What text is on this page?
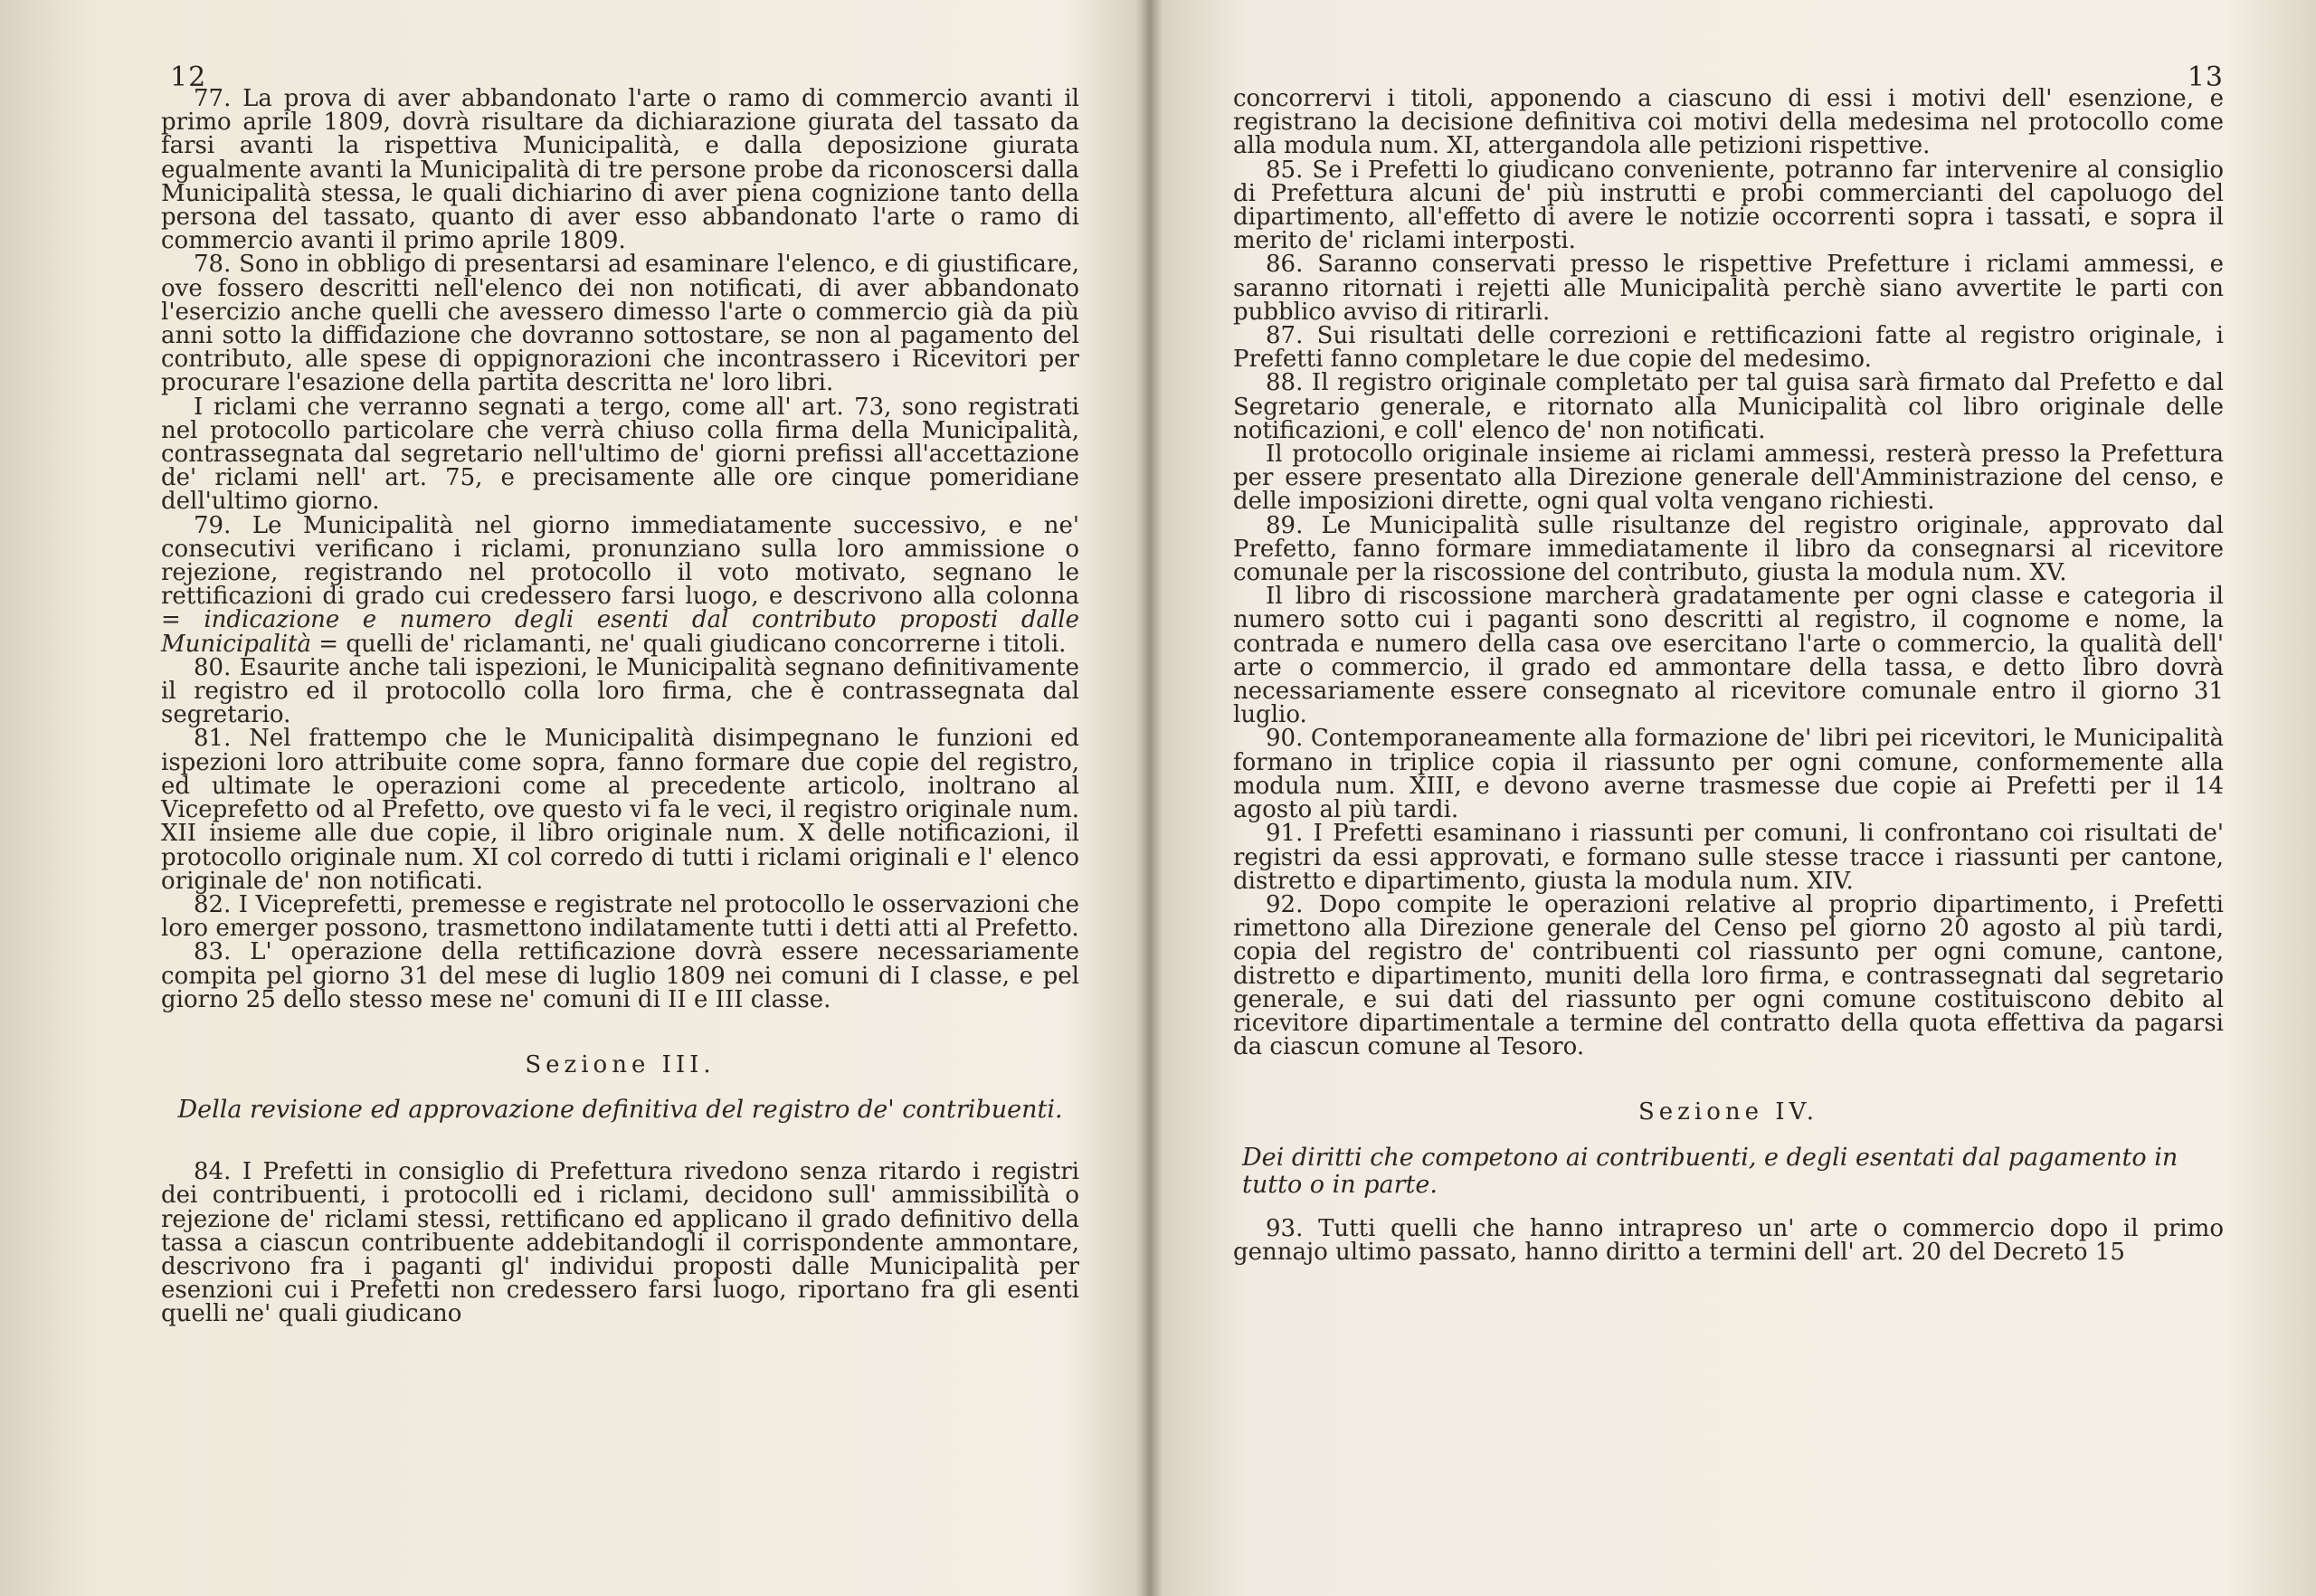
12

77. La prova di aver abbandonato l'arte o ramo di commercio avanti il primo aprile 1809, dovrà risultare da dichiarazione giurata del tassato da farsi avanti la rispettiva Municipalità, e dalla deposizione giurata egualmente avanti la Municipalità di tre persone probe da riconoscersi dalla Municipalità stessa, le quali dichiarino di aver piena cognizione tanto della persona del tassato, quanto di aver esso abbandonato l'arte o ramo di commercio avanti il primo aprile 1809.

78. Sono in obbligo di presentarsi ad esaminare l'elenco, e di giustificare, ove fossero descritti nell'elenco dei non notificati, di aver abbandonato l'esercizio anche quelli che avessero dimesso l'arte o commercio già da più anni sotto la diffidazione che dovranno sottostare, se non al pagamento del contributo, alle spese di oppignorazioni che incontrassero i Ricevitori per procurare l'esazione della partita descritta ne' loro libri.

I riclami che verranno segnati a tergo, come all' art. 73, sono registrati nel protocollo particolare che verrà chiuso colla firma della Municipalità, contrassegnata dal segretario nell'ultimo de' giorni prefissi all'accettazione de' riclami nell' art. 75, e precisamente alle ore cinque pomeridiane dell'ultimo giorno.

79. Le Municipalità nel giorno immediatamente successivo, e ne' consecutivi verificano i riclami, pronunziano sulla loro ammissione o rejezione, registrando nel protocollo il voto motivato, segnano le rettificazioni di grado cui credessero farsi luogo, e descrivono alla colonna = indicazione e numero degli esenti dal contributo proposti dalle Municipalità = quelli de' riclamanti, ne' quali giudicano concorrerne i titoli.

80. Esaurite anche tali ispezioni, le Municipalità segnano definitivamente il registro ed il protocollo colla loro firma, che è contrassegnata dal segretario.

81. Nel frattempo che le Municipalità disimpegnano le funzioni ed ispezioni loro attribuite come sopra, fanno formare due copie del registro, ed ultimate le operazioni come al precedente articolo, inoltrano al Viceprefetto od al Prefetto, ove questo vi fa le veci, il registro originale num. XII insieme alle due copie, il libro originale num. X delle notificazioni, il protocollo originale num. XI col corredo di tutti i riclami originali e l' elenco originale de' non notificati.

82. I Viceprefetti, premesse e registrate nel protocollo le osservazioni che loro emerger possono, trasmettono indilatamente tutti i detti atti al Prefetto.

83. L' operazione della rettificazione dovrà essere necessariamente compita pel giorno 31 del mese di luglio 1809 nei comuni di I classe, e pel giorno 25 dello stesso mese ne' comuni di II e III classe.

Sezione III.
Della revisione ed approvazione definitiva del registro de' contribuenti.

84. I Prefetti in consiglio di Prefettura rivedono senza ritardo i registri dei contribuenti, i protocolli ed i riclami, decidono sull' ammissibilità o rejezione de' riclami stessi, rettificano ed applicano il grado definitivo della tassa a ciascun contribuente addebitandogli il corrispondente ammontare, descrivono fra i paganti gl' individui proposti dalle Municipalità per esenzioni cui i Prefetti non credessero farsi luogo, riportano fra gli esenti quelli ne' quali giudicano

13

concorrervi i titoli, apponendo a ciascuno di essi i motivi dell' esenzione, e registrano la decisione definitiva coi motivi della medesima nel protocollo come alla modula num. XI, attergandola alle petizioni rispettive.

85. Se i Prefetti lo giudicano conveniente, potranno far intervenire al consiglio di Prefettura alcuni de' più instrutti e probi commercianti del capoluogo del dipartimento, all'effetto di avere le notizie occorrenti sopra i tassati, e sopra il merito de' riclami interposti.

86. Saranno conservati presso le rispettive Prefetture i riclami ammessi, e saranno ritornati i rejetti alle Municipalità perchè siano avvertite le parti con pubblico avviso di ritirarli.

87. Sui risultati delle correzioni e rettificazioni fatte al registro originale, i Prefetti fanno completare le due copie del medesimo.

88. Il registro originale completato per tal guisa sarà firmato dal Prefetto e dal Segretario generale, e ritornato alla Municipalità col libro originale delle notificazioni, e coll' elenco de' non notificati.

Il protocollo originale insieme ai riclami ammessi, resterà presso la Prefettura per essere presentato alla Direzione generale dell'Amministrazione del censo, e delle imposizioni dirette, ogni qual volta vengano richiesti.

89. Le Municipalità sulle risultanze del registro originale, approvato dal Prefetto, fanno formare immediatamente il libro da consegnarsi al ricevitore comunale per la riscossione del contributo, giusta la modula num. XV.

Il libro di riscossione marcherà gradatamente per ogni classe e categoria il numero sotto cui i paganti sono descritti al registro, il cognome e nome, la contrada e numero della casa ove esercitano l'arte o commercio, la qualità dell' arte o commercio, il grado ed ammontare della tassa, e detto libro dovrà necessariamente essere consegnato al ricevitore comunale entro il giorno 31 luglio.

90. Contemporaneamente alla formazione de' libri pei ricevitori, le Municipalità formano in triplice copia il riassunto per ogni comune, conformemente alla modula num. XIII, e devono averne trasmesse due copie ai Prefetti per il 14 agosto al più tardi.

91. I Prefetti esaminano i riassunti per comuni, li confrontano coi risultati de' registri da essi approvati, e formano sulle stesse tracce i riassunti per cantone, distretto e dipartimento, giusta la modula num. XIV.

92. Dopo compite le operazioni relative al proprio dipartimento, i Prefetti rimettono alla Direzione generale del Censo pel giorno 20 agosto al più tardi, copia del registro de' contribuenti col riassunto per ogni comune, cantone, distretto e dipartimento, muniti della loro firma, e contrassegnati dal segretario generale, e sui dati del riassunto per ogni comune costituiscono debito al ricevitore dipartimentale a termine del contratto della quota effettiva da pagarsi da ciascun comune al Tesoro.

Sezione IV.
Dei diritti che competono ai contribuenti, e degli esentati dal pagamento in tutto o in parte.

93. Tutti quelli che hanno intrapreso un' arte o commercio dopo il primo gennajo ultimo passato, hanno diritto a termini dell' art. 20 del Decreto 15
